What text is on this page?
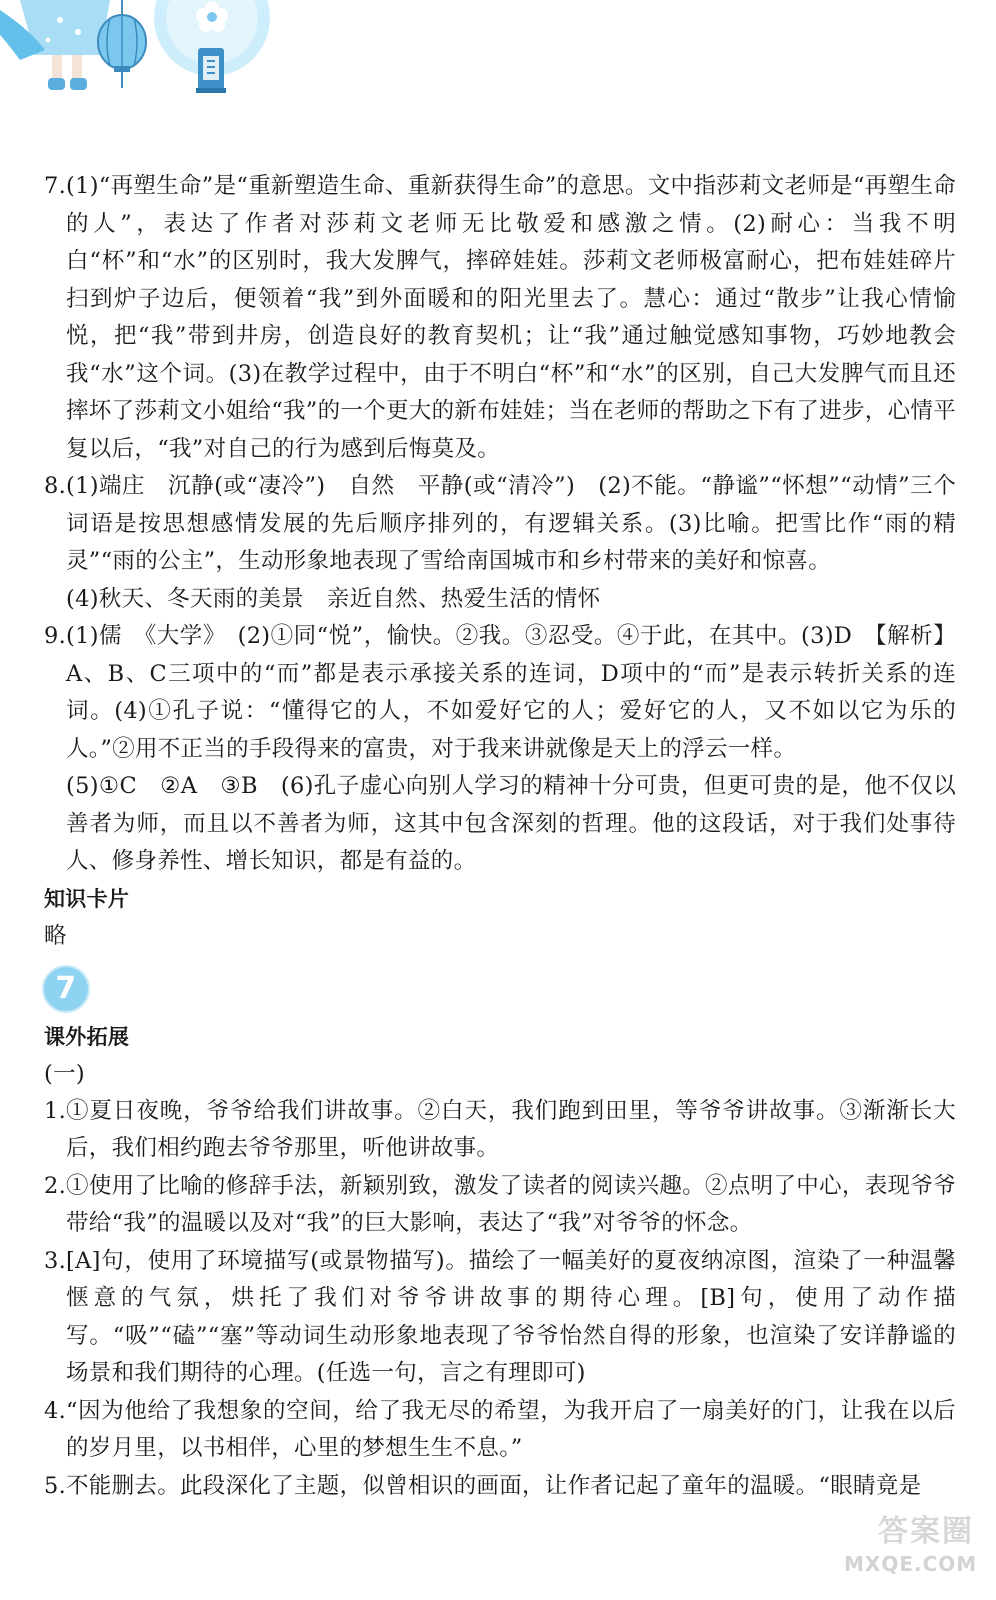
7. (1)“再塑生命”是“重新塑造生命、重新获得生命”的意思。文中指莎莉文老师是“再塑生命的人”，表达了作者对莎莉文老师无比敬爱和感激之情。(2)耐心：当我不明白“杯”和“水”的区别时，我大发脾气，摔碎娃娃。莎莉文老师极富耐心，把布娃娃碎片扫到炉子边后，便领着“我”到外面暖和的阳光里去了。慧心：通过“散步”让我心情愉悦，把“我”带到井房，创造良好的教育契机；让“我”通过触觉感知事物，巧妙地教会我“水”这个词。(3)在教学过程中，由于不明白“杯”和“水”的区别，自己大发脾气而且还摔坏了莎莉文小姐给“我”的一个更大的新布娃娃；当在老师的帮助之下有了进步，心情平复以后，“我”对自己的行为感到后悔莫及。
8. (1)端庄　沉静(或“凄冷”)　自然　平静(或“清冷”)　(2)不能。“静谧”“怀想”“动情”三个词语是按思想感情发展的先后顺序排列的，有逻辑关系。(3)比喻。把雪比作“雨的精灵”“雨的公主”，生动形象地表现了雪给南国城市和乡村带来的美好和惊喜。
(4)秋天、冬天雨的美景　亲近自然、热爱生活的情怀
9. (1)儒　《大学》　(2)①同“悦”，愉快。②我。③忍受。④于此，在其中。(3)D　【解析】A、B、C三项中的“而”都是表示承接关系的连词，D项中的“而”是表示转折关系的连词。(4)①孔子说：“懂得它的人，不如爱好它的人；爱好它的人，又不如以它为乐的人。”②用不正当的手段得来的富贵，对于我来讲就像是天上的浮云一样。
(5)①C　②A　③B　(6)孔子虚心向别人学习的精神十分可贵，但更可贵的是，他不仅以善者为师，而且以不善者为师，这其中包含深刻的哲理。他的这段话，对于我们处事待人、修身养性、增长知识，都是有益的。
知识卡片
略
7
课外拓展
(一)
1. ①夏日夜晚，爷爷给我们讲故事。②白天，我们跑到田里，等爷爷讲故事。③渐渐长大后，我们相约跑去爷爷那里，听他讲故事。
2. ①使用了比喻的修辞手法，新颖别致，激发了读者的阅读兴趣。②点明了中心，表现爷爷带给“我”的温暖以及对“我”的巨大影响，表达了“我”对爷爷的怀念。
3. [A]句，使用了环境描写(或景物描写)。描绘了一幅美好的夏夜纳凉图，渲染了一种温馨惬意的气氛，烘托了我们对爷爷讲故事的期待心理。[B]句，使用了动作描写。“吸”“磕”“塞”等动词生动形象地表现了爷爷怡然自得的形象，也渲染了安详静谧的场景和我们期待的心理。(任选一句，言之有理即可)
4. “因为他给了我想象的空间，给了我无尽的希望，为我开启了一扇美好的门，让我在以后的岁月里，以书相伴，心里的梦想生生不息。”
5. 不能删去。此段深化了主题，似曾相识的画面，让作者记起了童年的温暖。“眼睛竟是
答案圈
MXQE.COM
